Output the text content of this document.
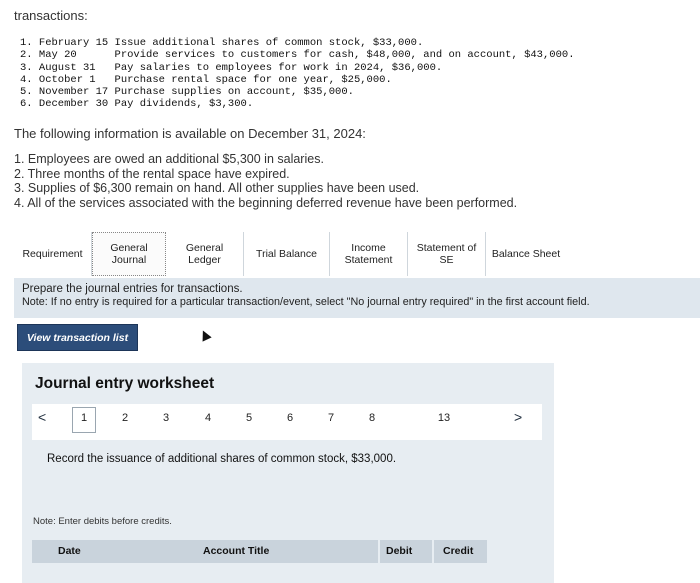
transactions:
1. February 15 Issue additional shares of common stock, $33,000.
2. May 20      Provide services to customers for cash, $48,000, and on account, $43,000.
3. August 31   Pay salaries to employees for work in 2024, $36,000.
4. October 1   Purchase rental space for one year, $25,000.
5. November 17 Purchase supplies on account, $35,000.
6. December 30 Pay dividends, $3,300.
The following information is available on December 31, 2024:
1. Employees are owed an additional $5,300 in salaries.
2. Three months of the rental space have expired.
3. Supplies of $6,300 remain on hand. All other supplies have been used.
4. All of the services associated with the beginning deferred revenue have been performed.
Requirement	General
Journal
General
Ledger	Trial Balance	Income
Statement
Statement of
SE	Balance Sheet
Prepare the journal entries for transactions.
Note: If no entry is required for a particular transaction/event, select "No journal entry required" in the first account field.
View transaction list
Journal entry worksheet
<	1	2	3	4	5	6	7	8	13	>
Record the issuance of additional shares of common stock, $33,000.
Note: Enter debits before credits.
Date	Account Title	Debit	Credit
